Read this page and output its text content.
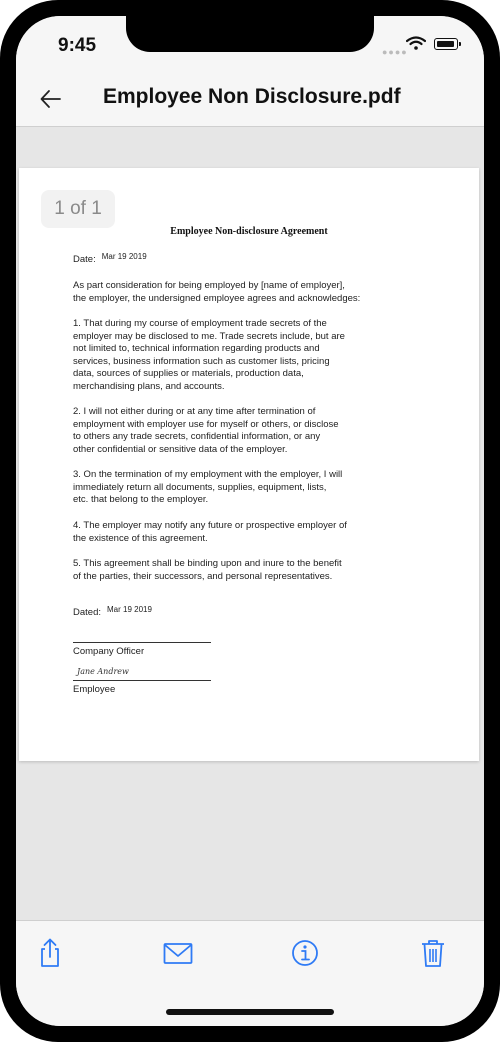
9:45	●●●●
Employee Non Disclosure.pdf
1 of 1
Employee Non-disclosure Agreement
Date: $^{Mar 19 2019}$

As part consideration for being employed by [name of employer],
the employer, the undersigned employee agrees and acknowledges:

1. That during my course of employment trade secrets of the
employer may be disclosed to me. Trade secrets include, but are
not limited to, technical information regarding products and
services, business information such as customer lists, pricing
data, sources of supplies or materials, production data,
merchandising plans, and accounts.

2. I will not either during or at any time after termination of
employment with employer use for myself or others, or disclose
to others any trade secrets, confidential information, or any
other confidential or sensitive data of the employer.

3. On the termination of my employment with the employer, I will
immediately return all documents, supplies, equipment, lists,
etc. that belong to the employer.

4. The employer may notify any future or prospective employer of
the existence of this agreement.

5. This agreement shall be binding upon and inure to the benefit
of the parties, their successors, and personal representatives.

Dated: $^{Mar 19 2019}$
Company Officer
Jane Andrew
Employee
